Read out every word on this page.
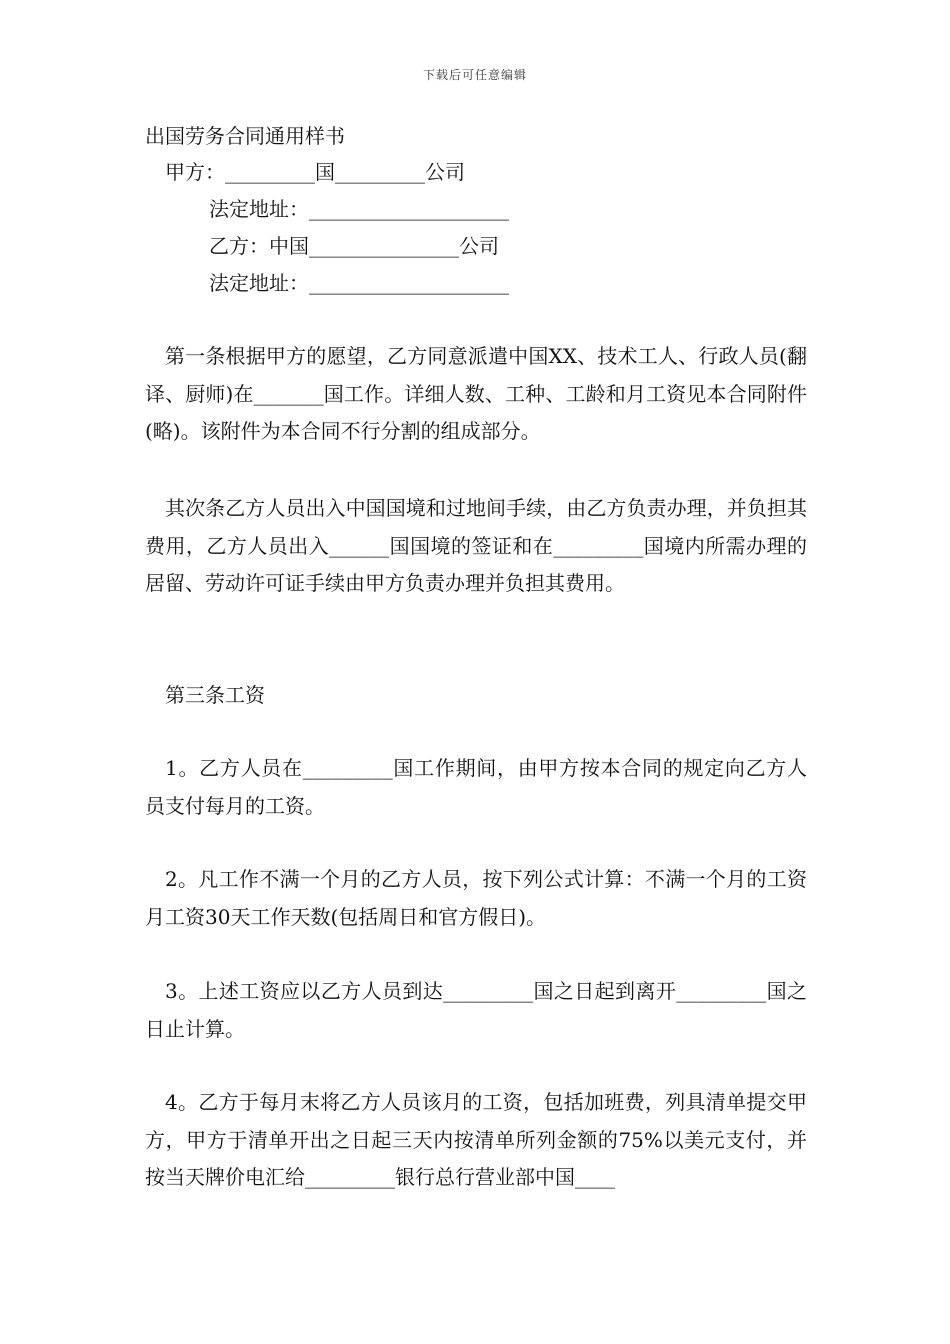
下载后可任意编辑
出国劳务合同通用样书
甲方：_________国_________公司
法定地址：____________________
乙方：中国_______________公司
法定地址：____________________

第一条根据甲方的愿望，乙方同意派遣中国XX、技术工人、行政人员(翻译、厨师)在_______国工作。详细人数、工种、工龄和月工资见本合同附件(略)。该附件为本合同不行分割的组成部分。

其次条乙方人员出入中国国境和过地间手续，由乙方负责办理，并负担其费用，乙方人员出入______国国境的签证和在_________国境内所需办理的居留、劳动许可证手续由甲方负责办理并负担其费用。

第三条工资

1。乙方人员在_________国工作期间，由甲方按本合同的规定向乙方人员支付每月的工资。

2。凡工作不满一个月的乙方人员，按下列公式计算：不满一个月的工资月工资30天工作天数(包括周日和官方假日)。

3。上述工资应以乙方人员到达_________国之日起到离开_________国之日止计算。

4。乙方于每月末将乙方人员该月的工资，包括加班费，列具清单提交甲方，甲方于清单开出之日起三天内按清单所列金额的75%以美元支付，并按当天牌价电汇给_________银行总行营业部中国____
